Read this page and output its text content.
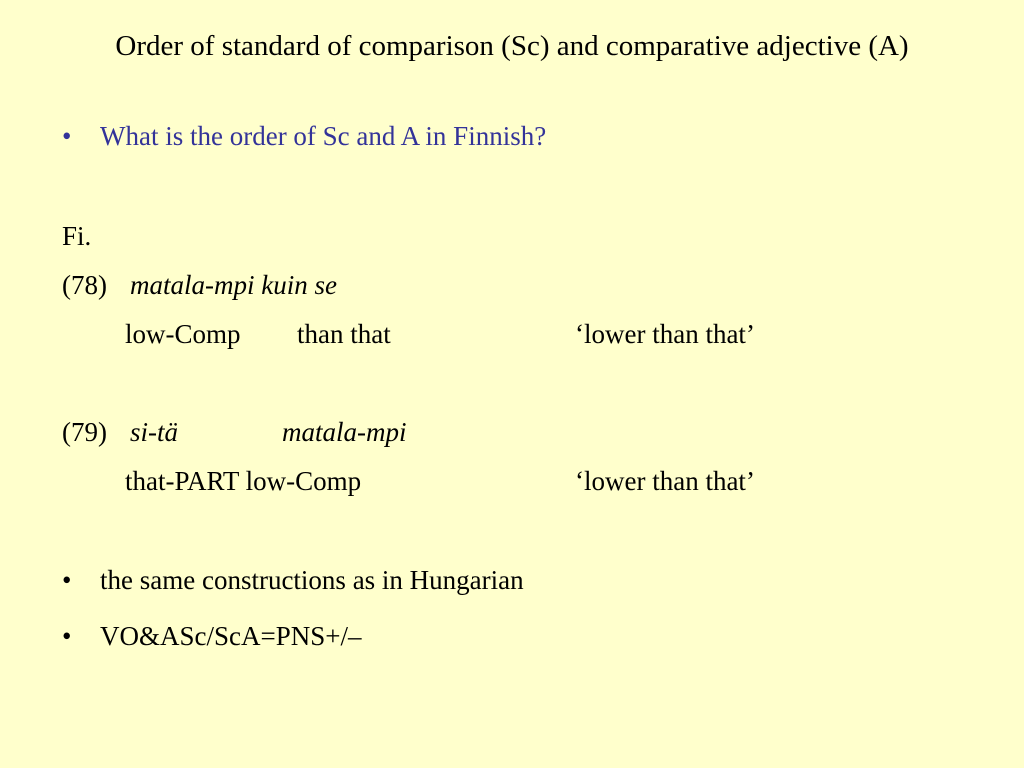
Order of standard of comparison (Sc) and comparative adjective (A)
•	What is the order of Sc and A in Finnish?
Fi.
(78) matala-mpi kuin se
low-Comp than that	‘lower than that’
(79) si-tä	matala-mpi
that-PART low-Comp	‘lower than that’
• the same constructions as in Hungarian
• VO&ASc/ScA=PNS+/–
